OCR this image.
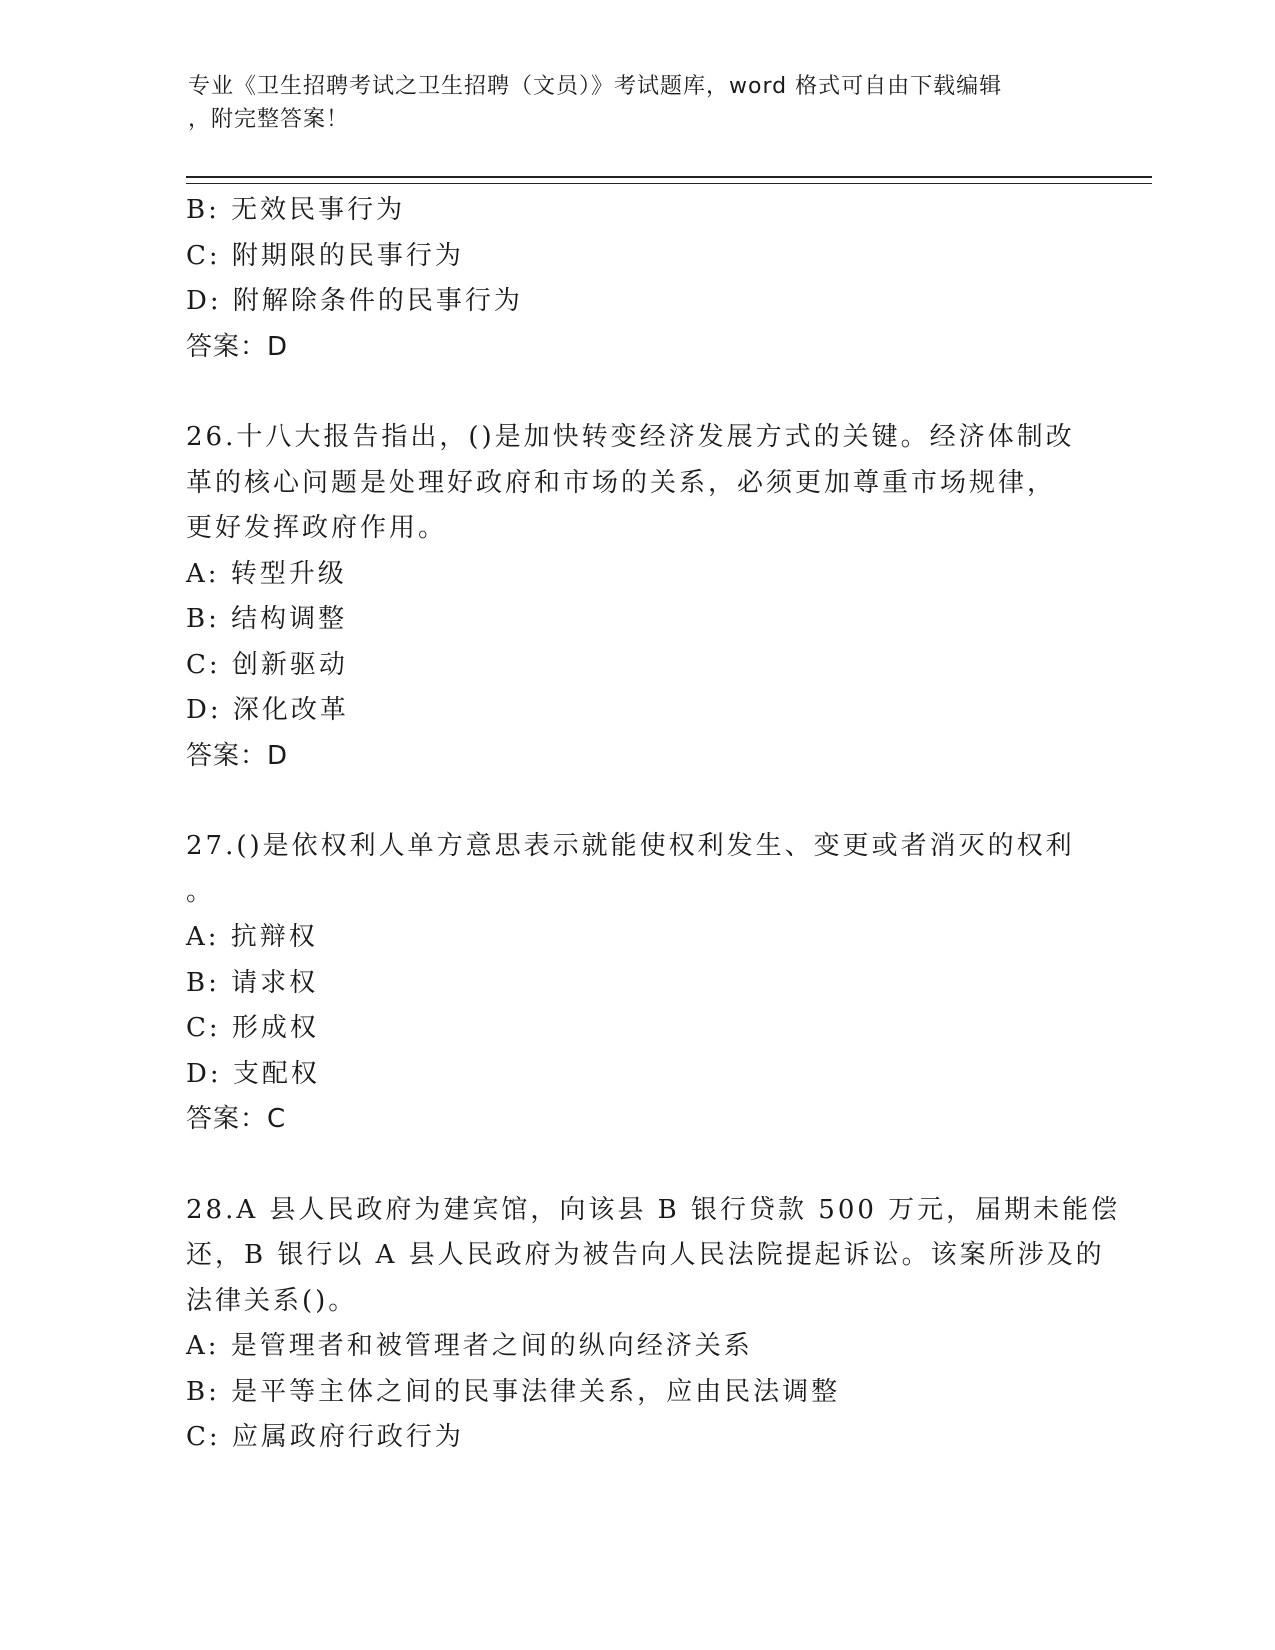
专业《卫生招聘考试之卫生招聘（文员）》考试题库，word 格式可自由下载编辑
，附完整答案！
B: 无效民事行为
C: 附期限的民事行为
D: 附解除条件的民事行为
答案：D
26.十八大报告指出，()是加快转变经济发展方式的关键。经济体制改
革的核心问题是处理好政府和市场的关系，必须更加尊重市场规律，
更好发挥政府作用。
A: 转型升级
B: 结构调整
C: 创新驱动
D: 深化改革
答案：D
27.()是依权利人单方意思表示就能使权利发生、变更或者消灭的权利
。
A: 抗辩权
B: 请求权
C: 形成权
D: 支配权
答案：C
28.A 县人民政府为建宾馆，向该县 B 银行贷款 500 万元，届期未能偿
还，B 银行以 A 县人民政府为被告向人民法院提起诉讼。该案所涉及的
法律关系()。
A: 是管理者和被管理者之间的纵向经济关系
B: 是平等主体之间的民事法律关系，应由民法调整
C: 应属政府行政行为
